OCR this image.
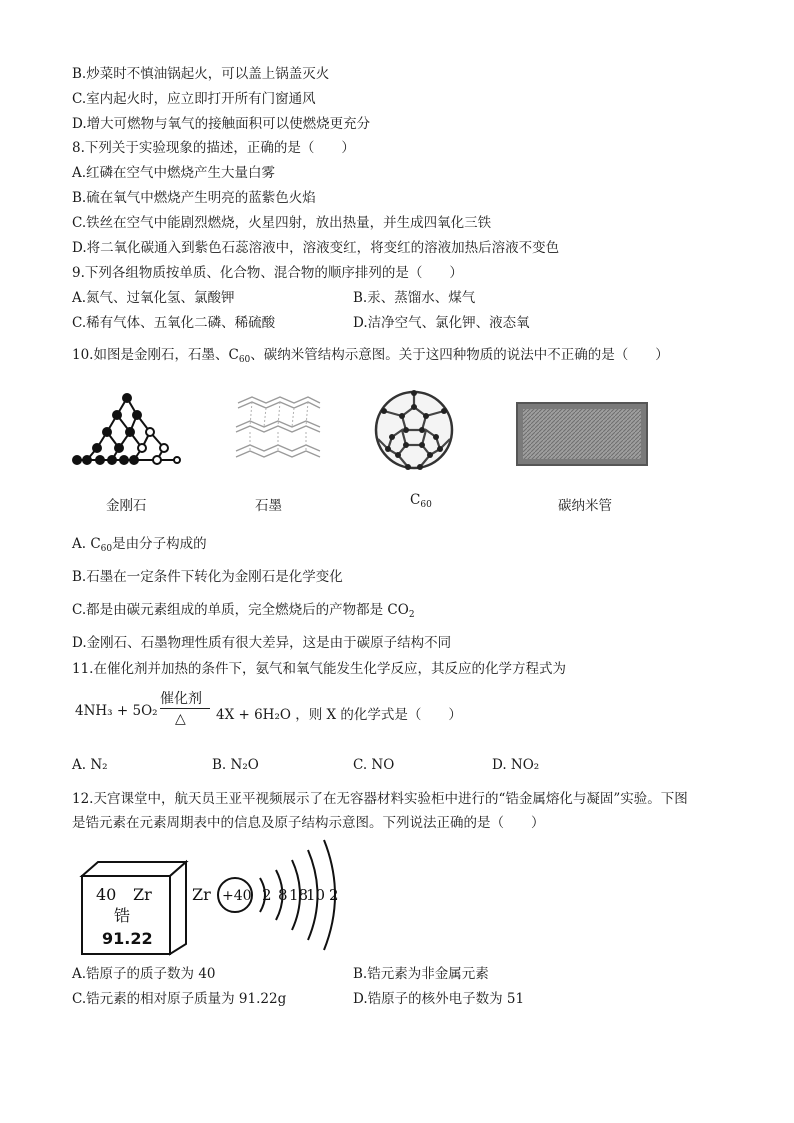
B.炒菜时不慎油锅起火，可以盖上锅盖灭火
C.室内起火时，应立即打开所有门窗通风
D.增大可燃物与氧气的接触面积可以使燃烧更充分
8.下列关于实验现象的描述，正确的是（　　）
A.红磷在空气中燃烧产生大量白雾
B.硫在氧气中燃烧产生明亮的蓝紫色火焰
C.铁丝在空气中能剧烈燃烧，火星四射，放出热量，并生成四氧化三铁
D.将二氧化碳通入到紫色石蕊溶液中，溶液变红，将变红的溶液加热后溶液不变色
9.下列各组物质按单质、化合物、混合物的顺序排列的是（　　）
A.氮气、过氧化氢、氯酸钾	B.汞、蒸馏水、煤气
C.稀有气体、五氧化二磷、稀硫酸	D.洁净空气、氯化钾、液态氧
10.如图是金刚石，石墨、$C_{60}$、碳纳米管结构示意图。关于这四种物质的说法中不正确的是（　　）
金刚石	石墨	$C_{60}$	碳纳米管
A. $C_{60}$是由分子构成的
B.石墨在一定条件下转化为金刚石是化学变化
C.都是由碳元素组成的单质，完全燃烧后的产物都是 $CO_2$
D.金刚石、石墨物理性质有很大差异，这是由于碳原子结构不同
11.在催化剂并加热的条件下，氨气和氧气能发生化学反应，其反应的化学方程式为
4NH₃ + 5O₂
催化剂
△ 4X + 6H₂O ，则 X 的化学式是（　　）
A. N₂	B. N₂O	C. NO	D. NO₂
12.天宫课堂中，航天员王亚平视频展示了在无容器材料实验柜中进行的“锆金属熔化与凝固”实验。下图
是锆元素在元素周期表中的信息及原子结构示意图。下列说法正确的是（　　）
40 Zr
锆
91.22
Zr +40 2 8 18
10 2
A.锆原子的质子数为 40	B.锆元素为非金属元素
C.锆元素的相对原子质量为 91.22g	D.锆原子的核外电子数为 51
